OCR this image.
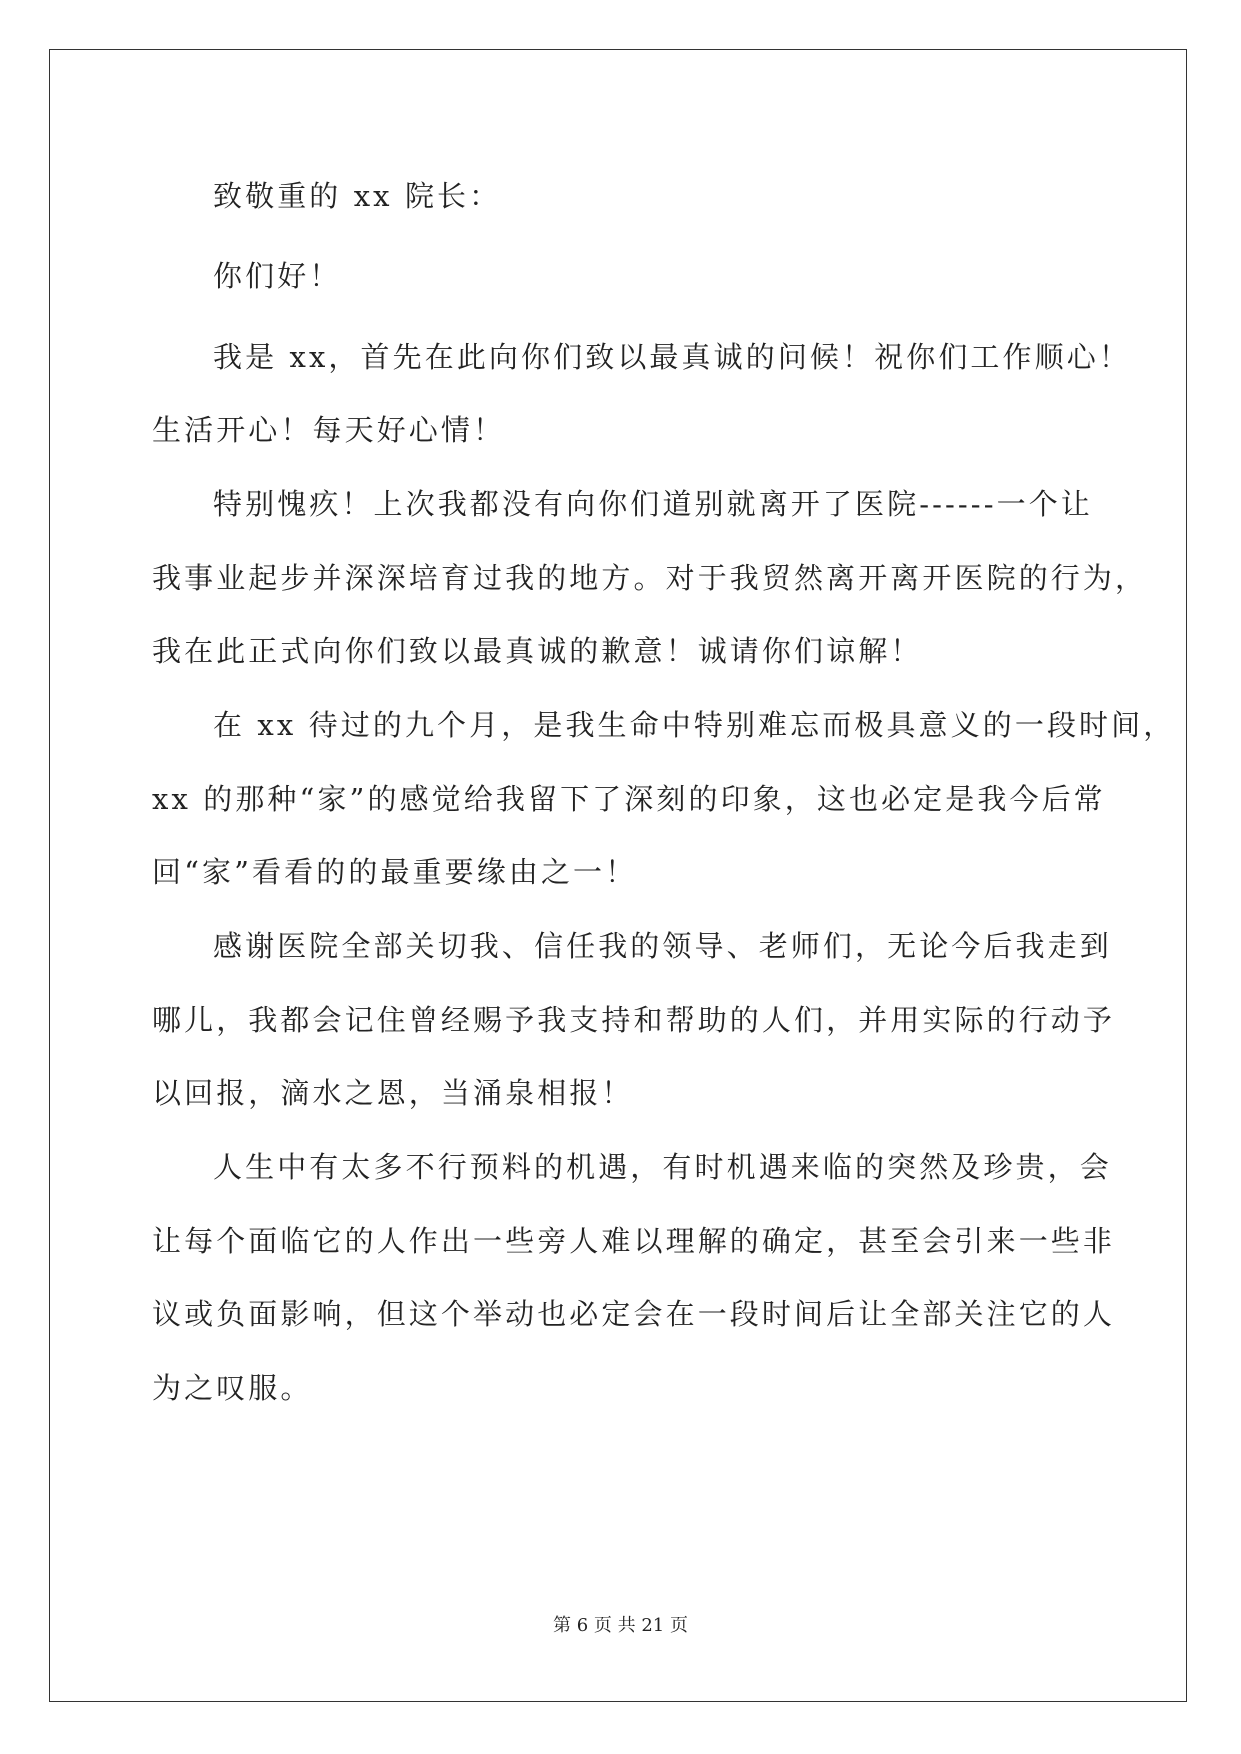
致敬重的 xx 院长：
你们好！
我是 xx，首先在此向你们致以最真诚的问候！祝你们工作顺心！
生活开心！每天好心情！
特别愧疚！上次我都没有向你们道别就离开了医院------一个让
我事业起步并深深培育过我的地方。对于我贸然离开离开医院的行为，
我在此正式向你们致以最真诚的歉意！诚请你们谅解！
在 xx 待过的九个月，是我生命中特别难忘而极具意义的一段时间，
xx 的那种“家”的感觉给我留下了深刻的印象，这也必定是我今后常
回“家”看看的的最重要缘由之一！
感谢医院全部关切我、信任我的领导、老师们，无论今后我走到
哪儿，我都会记住曾经赐予我支持和帮助的人们，并用实际的行动予
以回报，滴水之恩，当涌泉相报！
人生中有太多不行预料的机遇，有时机遇来临的突然及珍贵，会
让每个面临它的人作出一些旁人难以理解的确定，甚至会引来一些非
议或负面影响，但这个举动也必定会在一段时间后让全部关注它的人
为之叹服。
第 6 页 共 21 页
